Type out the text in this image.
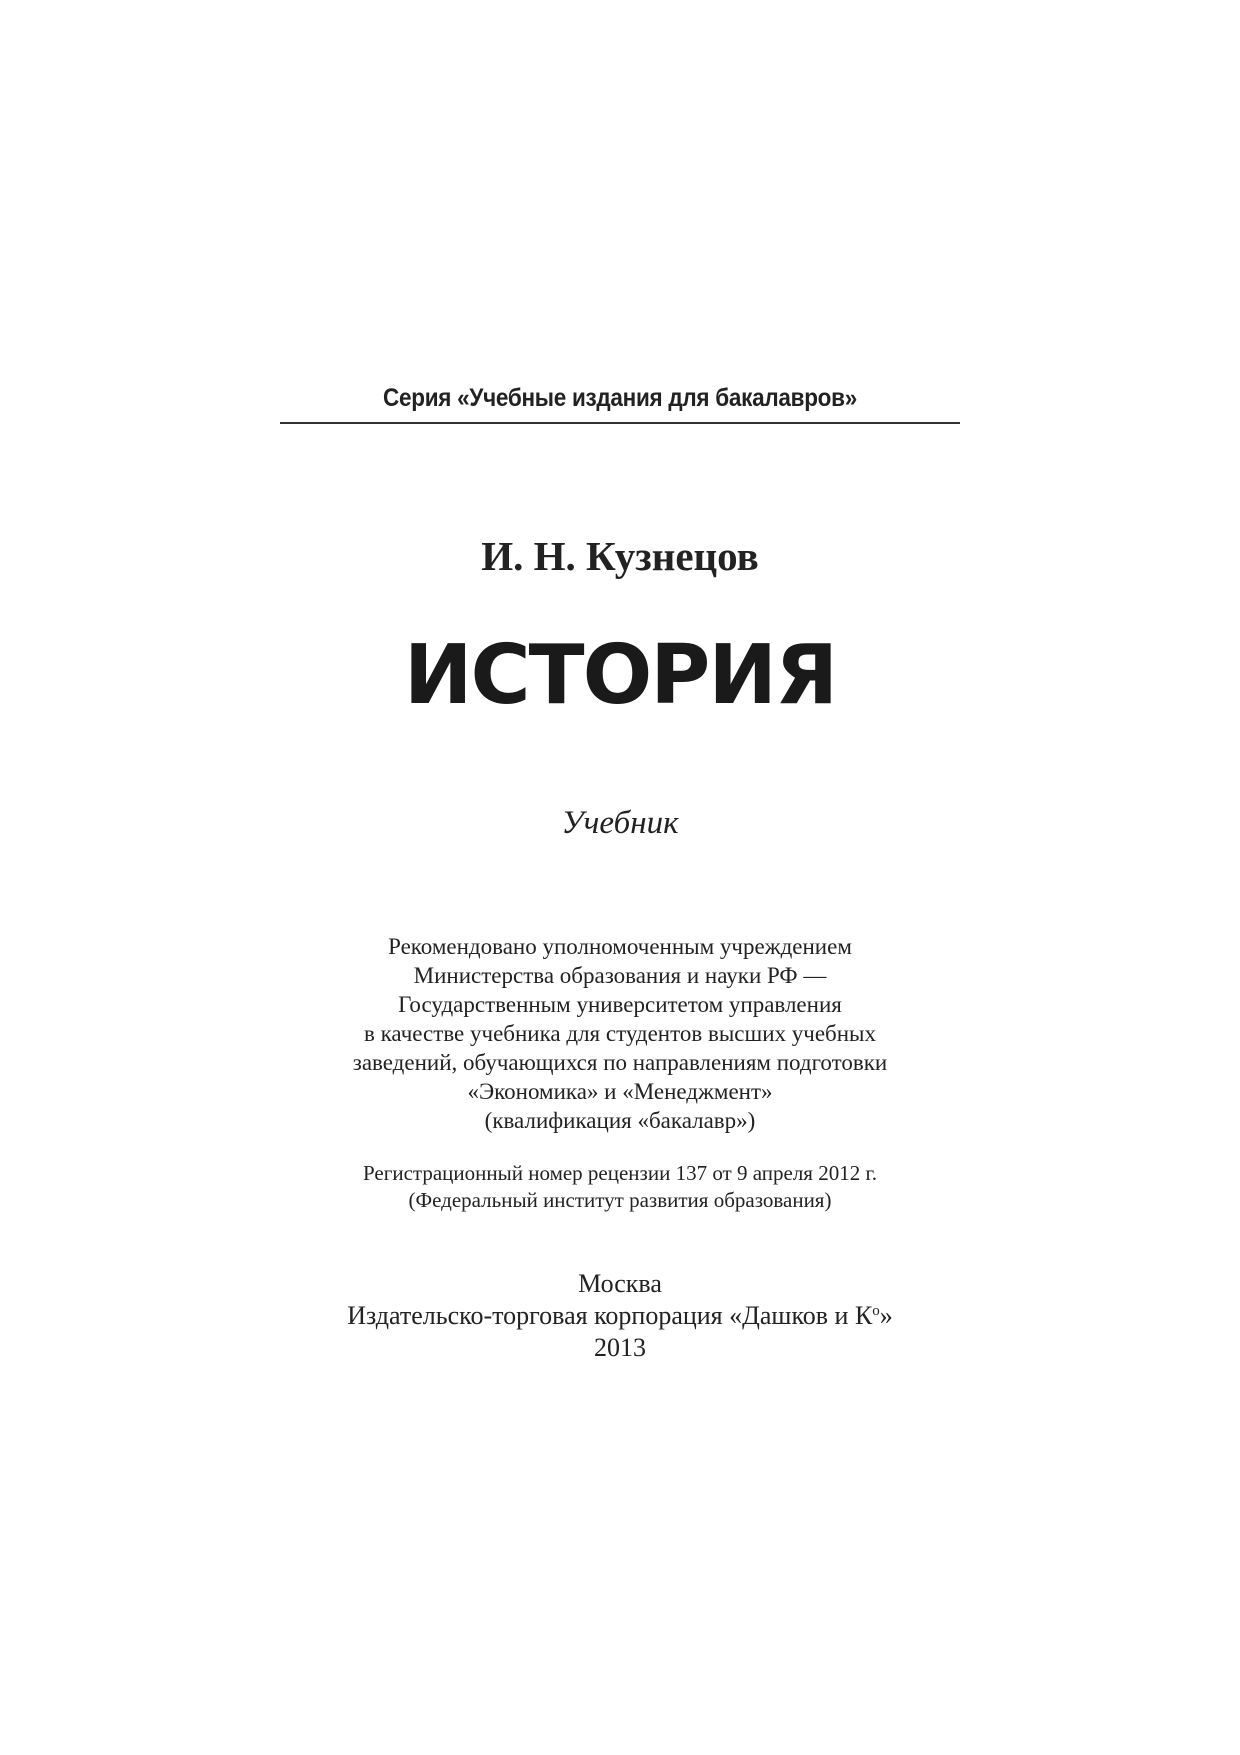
Серия «Учебные издания для бакалавров»
И. Н. Кузнецов
ИСТОРИЯ
Учебник
Рекомендовано уполномоченным учреждением
Министерства образования и науки РФ —
Государственным университетом управления
в качестве учебника для студентов высших учебных
заведений, обучающихся по направлениям подготовки
«Экономика» и «Менеджмент»
(квалификация «бакалавр»)
Регистрационный номер рецензии 137 от 9 апреля 2012 г.
(Федеральный институт развития образования)
Москва
Издательско-торговая корпорация «Дашков и $К^о$»
2013
